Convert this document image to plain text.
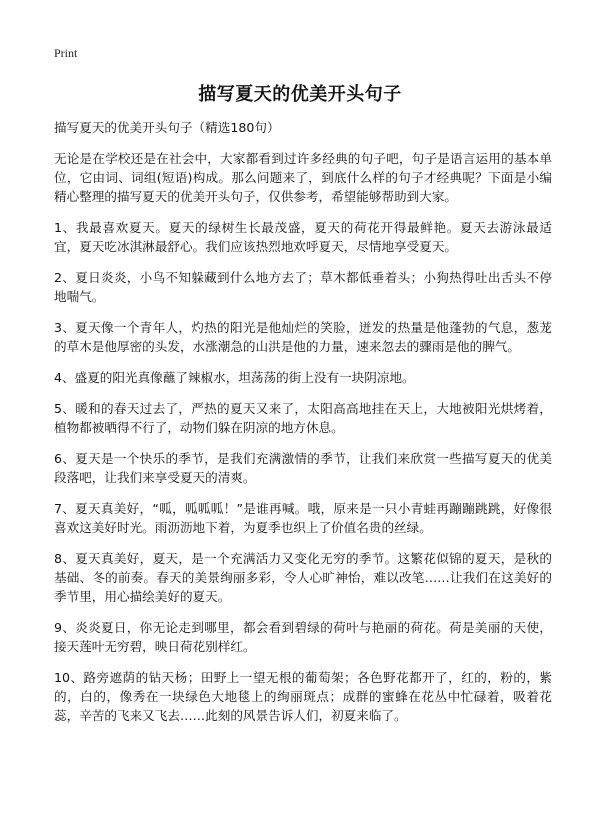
Print
描写夏天的优美开头句子

描写夏天的优美开头句子（精选180句）

无论是在学校还是在社会中，大家都看到过许多经典的句子吧，句子是语言运用的基本单位，它由词、词组(短语)构成。那么问题来了，到底什么样的句子才经典呢？下面是小编精心整理的描写夏天的优美开头句子，仅供参考，希望能够帮助到大家。

1、我最喜欢夏天。夏天的绿树生长最茂盛，夏天的荷花开得最鲜艳。夏天去游泳最适宜，夏天吃冰淇淋最舒心。我们应该热烈地欢呼夏天，尽情地享受夏天。

2、夏日炎炎，小鸟不知躲藏到什么地方去了；草木都低垂着头；小狗热得吐出舌头不停地喘气。

3、夏天像一个青年人，灼热的阳光是他灿烂的笑脸，迸发的热量是他蓬勃的气息，葱茏的草木是他厚密的头发，水涨潮急的山洪是他的力量，速来忽去的骤雨是他的脾气。

4、盛夏的阳光真像蘸了辣椒水，坦荡荡的街上没有一块阴凉地。

5、暖和的春天过去了，严热的夏天又来了，太阳高高地挂在天上，大地被阳光烘烤着，植物都被晒得不行了，动物们躲在阴凉的地方休息。

6、夏天是一个快乐的季节，是我们充满激情的季节，让我们来欣赏一些描写夏天的优美段落吧，让我们来享受夏天的清爽。

7、夏天真美好，“呱，呱呱呱！”是谁再喊。哦，原来是一只小青蛙再蹦蹦跳跳，好像很喜欢这美好时光。雨沥沥地下着，为夏季也织上了价值名贵的丝绿。

8、夏天真美好，夏天，是一个充满活力又变化无穷的季节。这繁花似锦的夏天，是秋的基础、冬的前奏。春天的美景绚丽多彩，令人心旷神怡，难以改笔……让我们在这美好的季节里，用心描绘美好的夏天。

9、炎炎夏日，你无论走到哪里，都会看到碧绿的荷叶与艳丽的荷花。荷是美丽的天使，接天莲叶无穷碧，映日荷花别样红。

10、路旁遮荫的钻天杨；田野上一望无根的葡萄架；各色野花都开了，红的，粉的，紫的，白的，像秀在一块绿色大地毯上的绚丽斑点；成群的蜜蜂在花丛中忙碌着，吸着花蕊，辛苦的飞来又飞去……此刻的风景告诉人们，初夏来临了。
